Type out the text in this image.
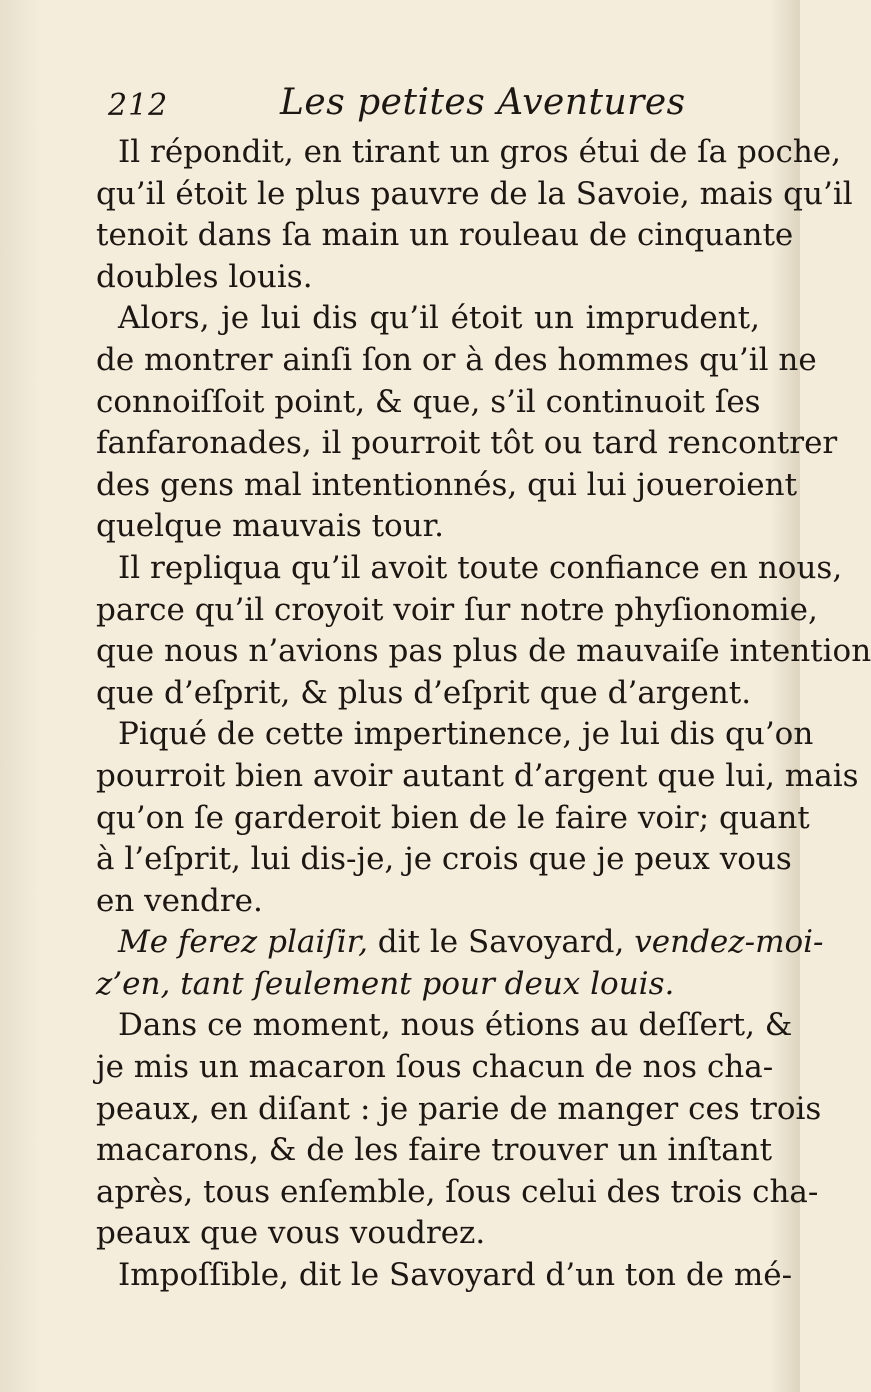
212	Les petites Aventures
Il répondit, en tirant un gros étui de ſa poche,
qu’il étoit le plus pauvre de la Savoie, mais qu’il
tenoit dans ſa main un rouleau de cinquante
doubles louis.
Alors, je lui dis qu’il étoit un imprudent,
de montrer ainſi ſon or à des hommes qu’il ne
connoiſſoit point, & que, s’il continuoit ſes
fanfaronades, il pourroit tôt ou tard rencontrer
des gens mal intentionnés, qui lui joueroient
quelque mauvais tour.
Il repliqua qu’il avoit toute confiance en nous,
parce qu’il croyoit voir ſur notre phyſionomie,
que nous n’avions pas plus de mauvaiſe intention
que d’eſprit, & plus d’eſprit que d’argent.
Piqué de cette impertinence, je lui dis qu’on
pourroit bien avoir autant d’argent que lui, mais
qu’on ſe garderoit bien de le faire voir; quant
à l’eſprit, lui dis-je, je crois que je peux vous
en vendre.
Me ferez plaiſir, dit le Savoyard, vendez-moi-
z’en, tant ſeulement pour deux louis.
Dans ce moment, nous étions au deſſert, &
je mis un macaron ſous chacun de nos cha-
peaux, en diſant : je parie de manger ces trois
macarons, & de les faire trouver un inſtant
après, tous enſemble, ſous celui des trois cha-
peaux que vous voudrez.
Impoſſible, dit le Savoyard d’un ton de mé-
